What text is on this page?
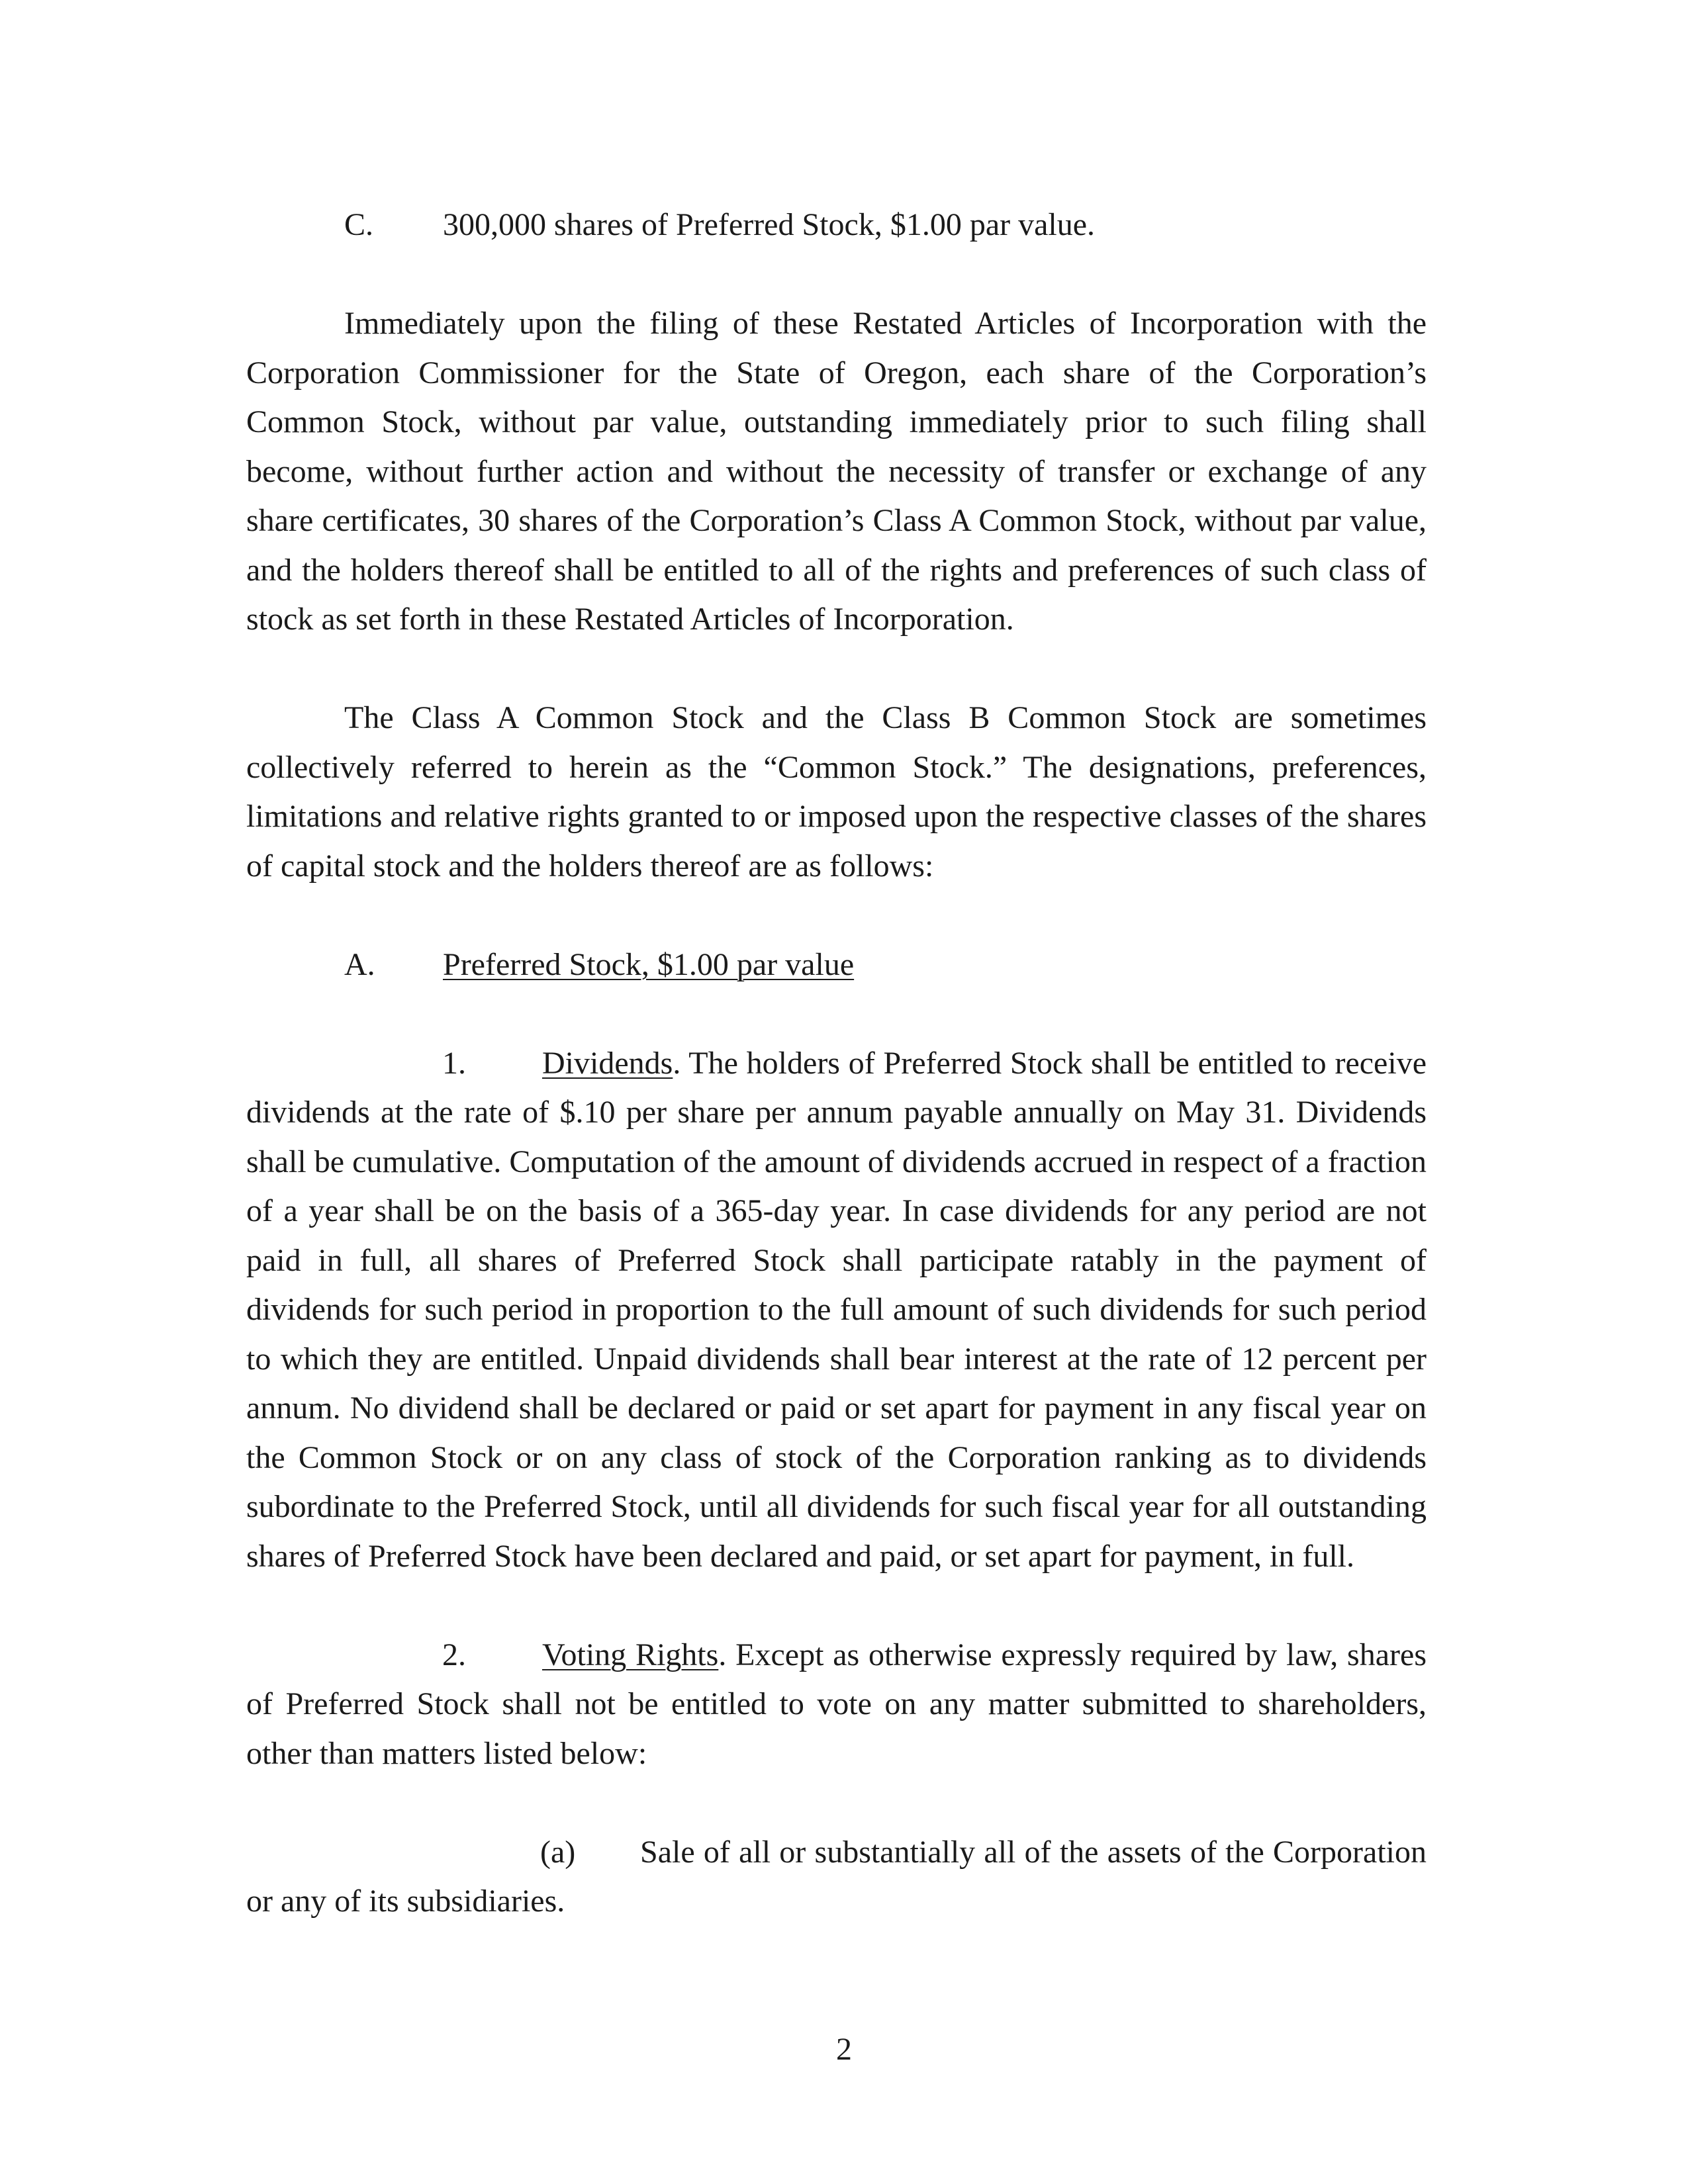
C. 300,000 shares of Preferred Stock, $1.00 par value.

Immediately upon the filing of these Restated Articles of Incorporation with the Corporation Commissioner for the State of Oregon, each share of the Corporation’s Common Stock, without par value, outstanding immediately prior to such filing shall become, without further action and without the necessity of transfer or exchange of any share certificates, 30 shares of the Corporation’s Class A Common Stock, without par value, and the holders thereof shall be entitled to all of the rights and preferences of such class of stock as set forth in these Restated Articles of Incorporation.

The Class A Common Stock and the Class B Common Stock are sometimes collectively referred to herein as the “Common Stock.” The designations, preferences, limitations and relative rights granted to or imposed upon the respective classes of the shares of capital stock and the holders thereof are as follows:

A. Preferred Stock, $1.00 par value

1. Dividends. The holders of Preferred Stock shall be entitled to receive dividends at the rate of $.10 per share per annum payable annually on May 31. Dividends shall be cumulative. Computation of the amount of dividends accrued in respect of a fraction of a year shall be on the basis of a 365-day year. In case dividends for any period are not paid in full, all shares of Preferred Stock shall participate ratably in the payment of dividends for such period in proportion to the full amount of such dividends for such period to which they are entitled. Unpaid dividends shall bear interest at the rate of 12 percent per annum. No dividend shall be declared or paid or set apart for payment in any fiscal year on the Common Stock or on any class of stock of the Corporation ranking as to dividends subordinate to the Preferred Stock, until all dividends for such fiscal year for all outstanding shares of Preferred Stock have been declared and paid, or set apart for payment, in full.

2. Voting Rights. Except as otherwise expressly required by law, shares of Preferred Stock shall not be entitled to vote on any matter submitted to shareholders, other than matters listed below:

(a) Sale of all or substantially all of the assets of the Corporation or any of its subsidiaries.

2
